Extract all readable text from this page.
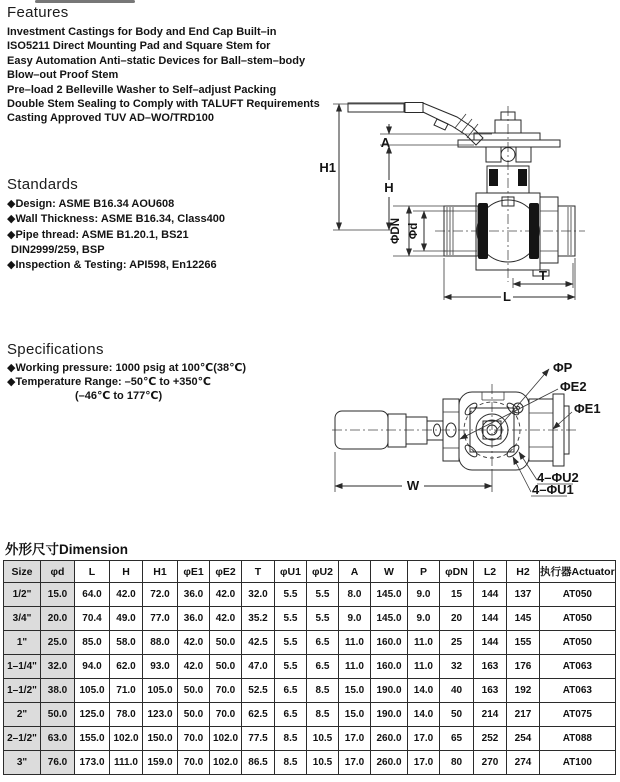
Features
Investment Castings for Body and End Cap Built–in
ISO5211 Direct Mounting Pad and Square Stem for
Easy Automation Anti–static Devices for Ball–stem–body
Blow–out Proof Stem
Pre–load 2 Belleville Washer to Self–adjust Packing
Double Stem Sealing to Comply with TALUFT Requirements
Casting Approved TUV AD–WO/TRD100
Standards
◆Design: ASME B16.34 AOU608
◆Wall Thickness: ASME B16.34, Class400
◆Pipe thread: ASME B1.20.1, BS21
DIN2999/259, BSP
◆Inspection & Testing: API598, En12266
Specifications
◆Working pressure: 1000 psig at 100℃(38℃)
◆Temperature Range: –50℃ to +350℃
(–46℃ to 177℃)
H1
A
H
ΦDN Φd
T
L
W
ΦP
ΦE2
ΦE1
4–ΦU2
4–ΦU1
外形尺寸Dimension
Size	φd	L	H	H1	φE1	φE2	T	φU1	φU2	A	W	P	φDN	L2	H2	执行器Actuator
1/2"	15.0	64.0	42.0	72.0	36.0	42.0	32.0	5.5	5.5	8.0	145.0	9.0	15	144	137	AT050
3/4"	20.0	70.4	49.0	77.0	36.0	42.0	35.2	5.5	5.5	9.0	145.0	9.0	20	144	145	AT050
1"	25.0	85.0	58.0	88.0	42.0	50.0	42.5	5.5	6.5	11.0	160.0	11.0	25	144	155	AT050
1–1/4"	32.0	94.0	62.0	93.0	42.0	50.0	47.0	5.5	6.5	11.0	160.0	11.0	32	163	176	AT063
1–1/2"	38.0	105.0	71.0	105.0	50.0	70.0	52.5	6.5	8.5	15.0	190.0	14.0	40	163	192	AT063
2"	50.0	125.0	78.0	123.0	50.0	70.0	62.5	6.5	8.5	15.0	190.0	14.0	50	214	217	AT075
2–1/2"	63.0	155.0	102.0	150.0	70.0	102.0	77.5	8.5	10.5	17.0	260.0	17.0	65	252	254	AT088
3"	76.0	173.0	111.0	159.0	70.0	102.0	86.5	8.5	10.5	17.0	260.0	17.0	80	270	274	AT100
